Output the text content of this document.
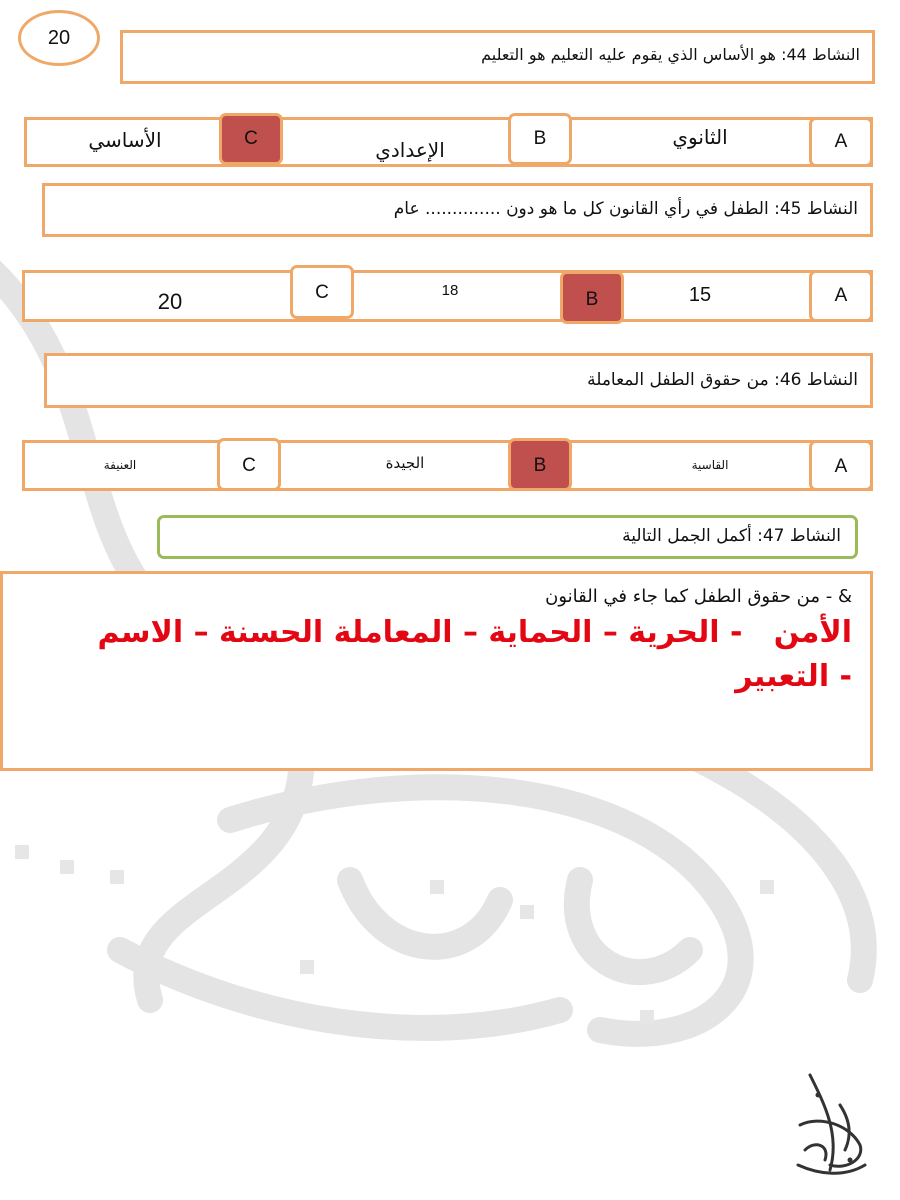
20
النشاط 44: هو الأساس الذي يقوم عليه التعليم هو التعليم
الثانوي
الإعدادي
الأساسي	A
B
C
النشاط 45: الطفل في رأي القانون كل ما هو دون .............. عام
15
18
20	A
B
C
النشاط 46: من حقوق الطفل المعاملة
القاسية
الجيدة
العنيفة	A
B
C
النشاط 47: أكمل الجمل التالية
& - من حقوق الطفل كما جاء في القانون
الأمن   - الحرية – الحماية – المعاملة الحسنة – الاسم
- التعبير
